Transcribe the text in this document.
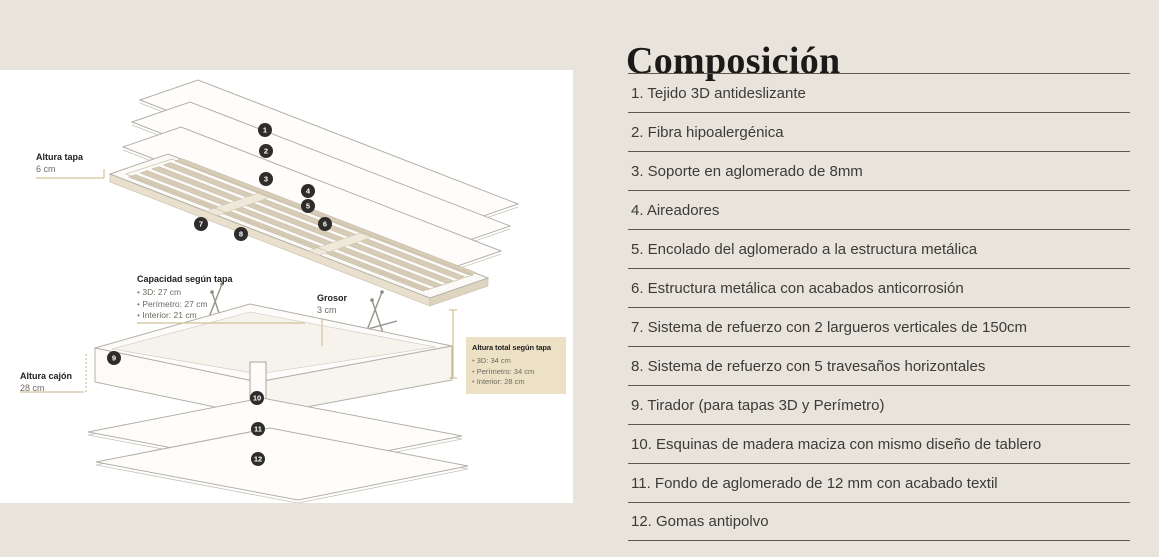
1
2
3
4
5
6
7
8
9
10
11
12
Altura tapa
6 cm
Capacidad según tapa
• 3D: 27 cm
• Perímetro: 27 cm
• Interior: 21 cm
Grosor
3 cm
Altura total según tapa
• 3D: 34 cm
• Perímetro: 34 cm
• Interior: 28 cm
Altura cajón
28 cm
Composición
1. Tejido 3D antideslizante
2. Fibra hipoalergénica
3. Soporte en aglomerado de 8mm
4. Aireadores
5. Encolado del aglomerado a la estructura metálica
6. Estructura metálica con acabados anticorrosión
7. Sistema de refuerzo con 2 largueros verticales de 150cm
8. Sistema de refuerzo con 5 travesaños horizontales
9. Tirador (para tapas 3D y Perímetro)
10. Esquinas de madera maciza con mismo diseño de tablero
11. Fondo de aglomerado de 12 mm con acabado textil
12. Gomas antipolvo
